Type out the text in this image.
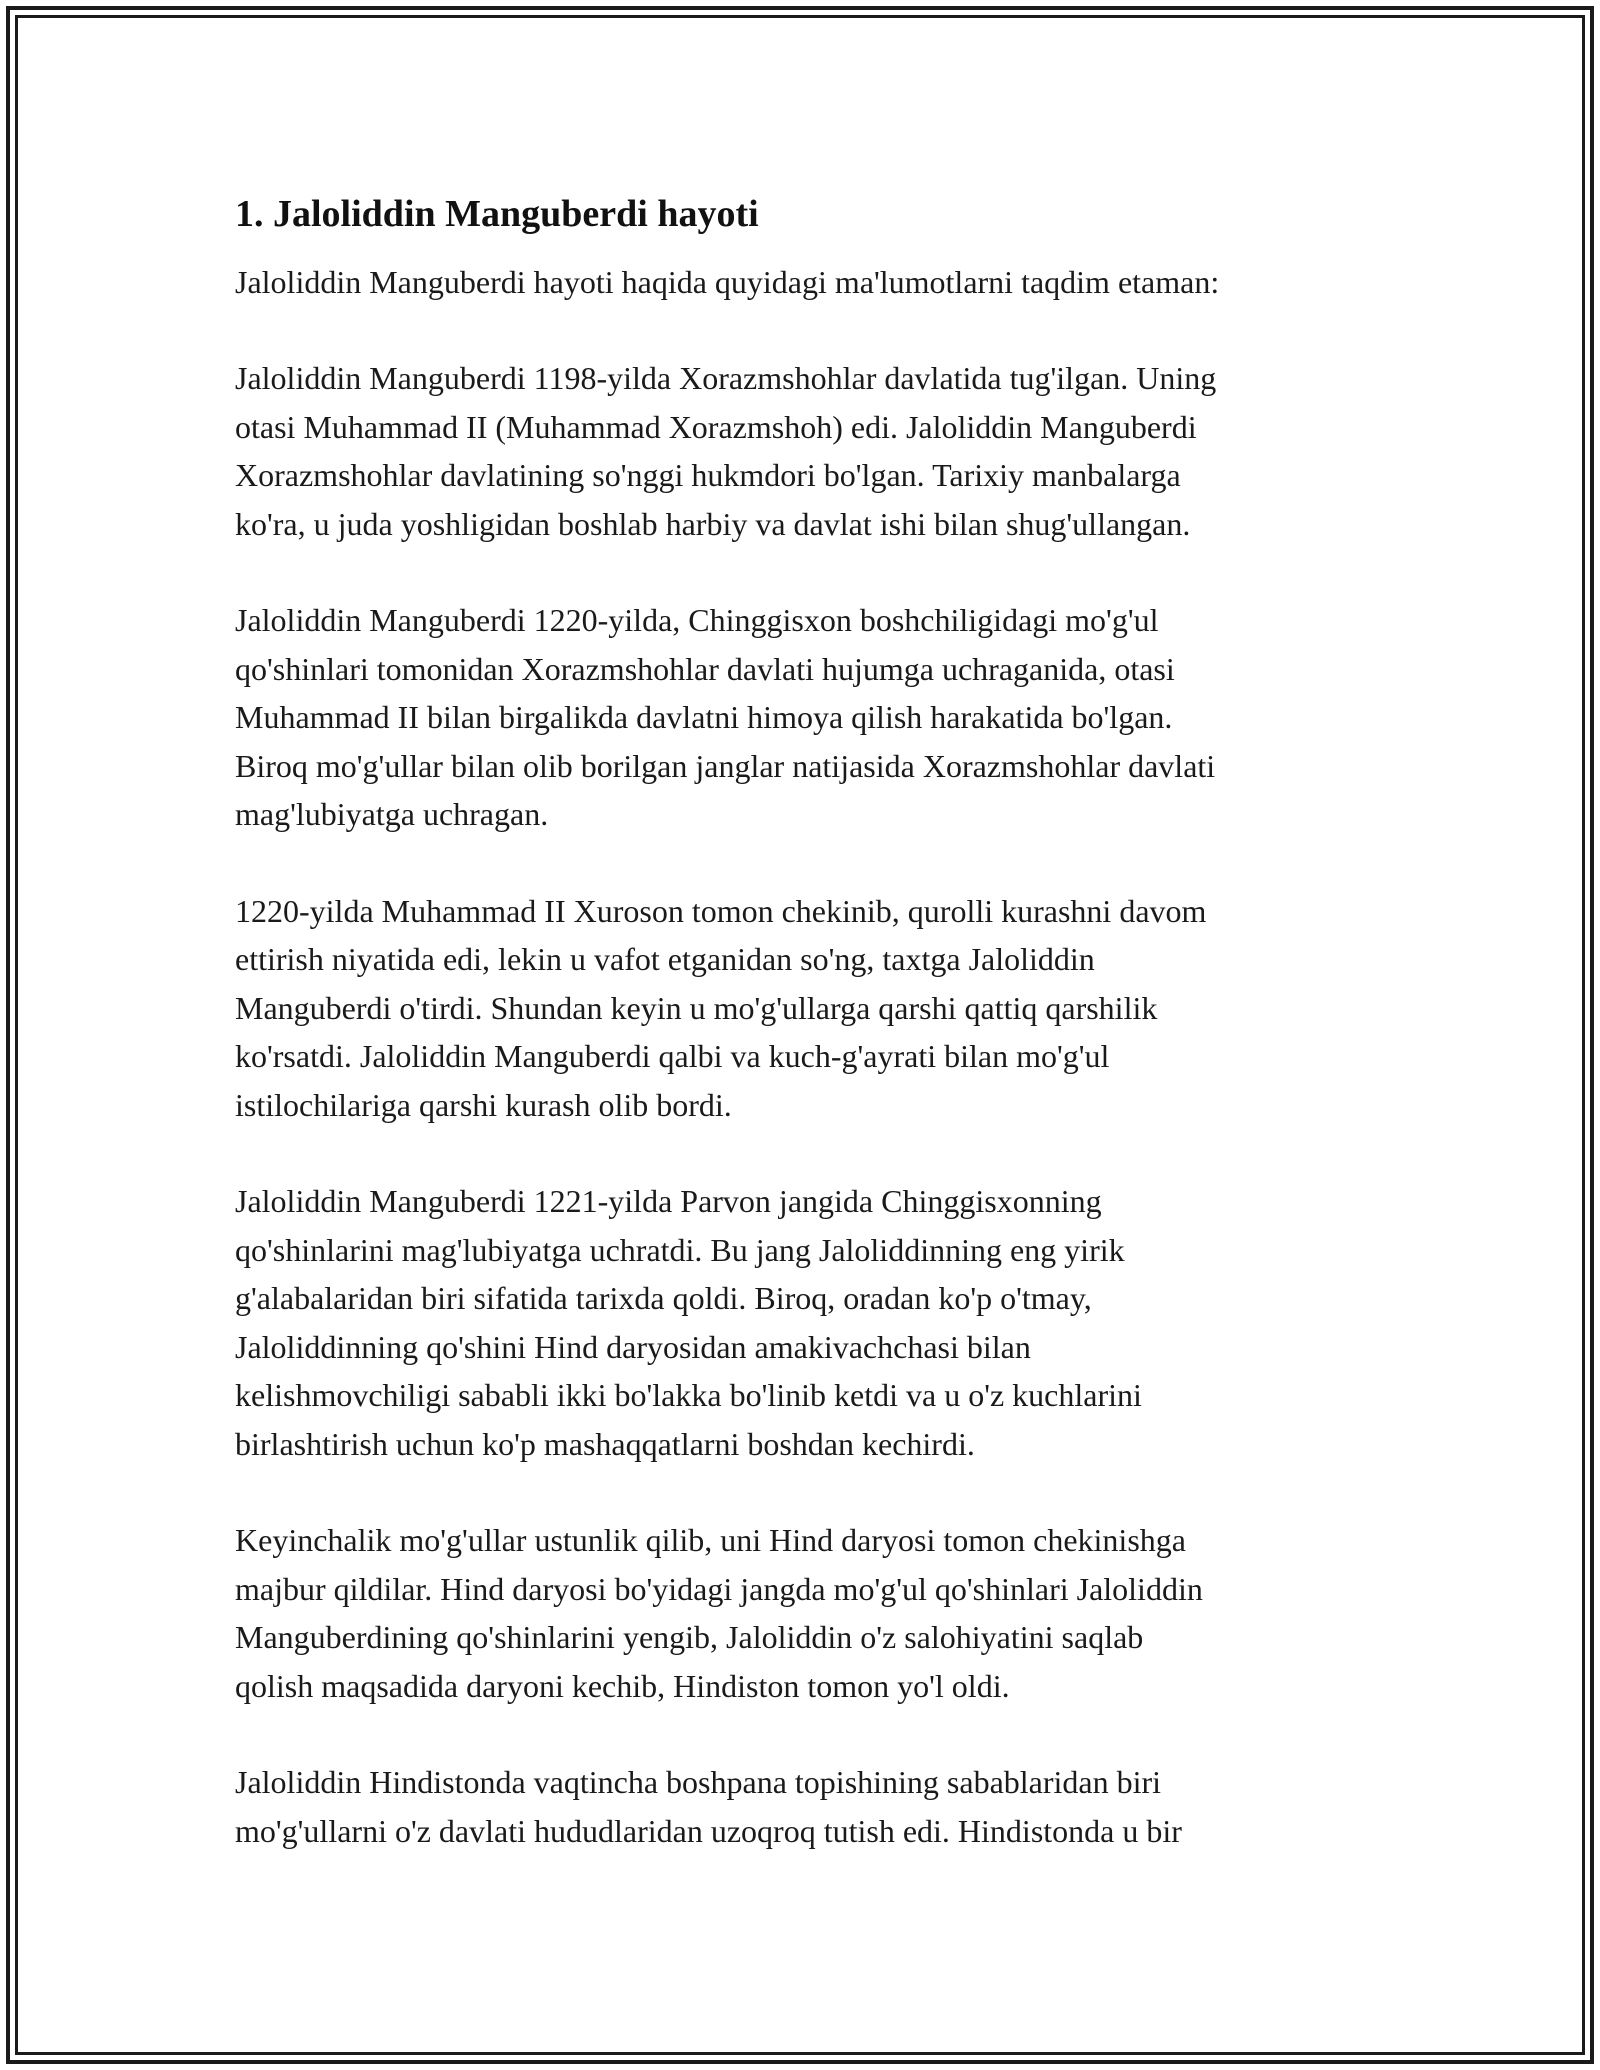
1. Jaloliddin Manguberdi hayoti

Jaloliddin Manguberdi hayoti haqida quyidagi ma'lumotlarni taqdim etaman:

Jaloliddin Manguberdi 1198-yilda Xorazmshohlar davlatida tug'ilgan. Uning
otasi Muhammad II (Muhammad Xorazmshoh) edi. Jaloliddin Manguberdi
Xorazmshohlar davlatining so'nggi hukmdori bo'lgan. Tarixiy manbalarga
ko'ra, u juda yoshligidan boshlab harbiy va davlat ishi bilan shug'ullangan.

Jaloliddin Manguberdi 1220-yilda, Chinggisxon boshchiligidagi mo'g'ul
qo'shinlari tomonidan Xorazmshohlar davlati hujumga uchraganida, otasi
Muhammad II bilan birgalikda davlatni himoya qilish harakatida bo'lgan.
Biroq mo'g'ullar bilan olib borilgan janglar natijasida Xorazmshohlar davlati
mag'lubiyatga uchragan.

1220-yilda Muhammad II Xuroson tomon chekinib, qurolli kurashni davom
ettirish niyatida edi, lekin u vafot etganidan so'ng, taxtga Jaloliddin
Manguberdi o'tirdi. Shundan keyin u mo'g'ullarga qarshi qattiq qarshilik
ko'rsatdi. Jaloliddin Manguberdi qalbi va kuch-g'ayrati bilan mo'g'ul
istilochilariga qarshi kurash olib bordi.

Jaloliddin Manguberdi 1221-yilda Parvon jangida Chinggisxonning
qo'shinlarini mag'lubiyatga uchratdi. Bu jang Jaloliddinning eng yirik
g'alabalaridan biri sifatida tarixda qoldi. Biroq, oradan ko'p o'tmay,
Jaloliddinning qo'shini Hind daryosidan amakivachchasi bilan
kelishmovchiligi sababli ikki bo'lakka bo'linib ketdi va u o'z kuchlarini
birlashtirish uchun ko'p mashaqqatlarni boshdan kechirdi.

Keyinchalik mo'g'ullar ustunlik qilib, uni Hind daryosi tomon chekinishga
majbur qildilar. Hind daryosi bo'yidagi jangda mo'g'ul qo'shinlari Jaloliddin
Manguberdining qo'shinlarini yengib, Jaloliddin o'z salohiyatini saqlab
qolish maqsadida daryoni kechib, Hindiston tomon yo'l oldi.

Jaloliddin Hindistonda vaqtincha boshpana topishining sabablaridan biri
mo'g'ullarni o'z davlati hududlaridan uzoqroq tutish edi. Hindistonda u bir
